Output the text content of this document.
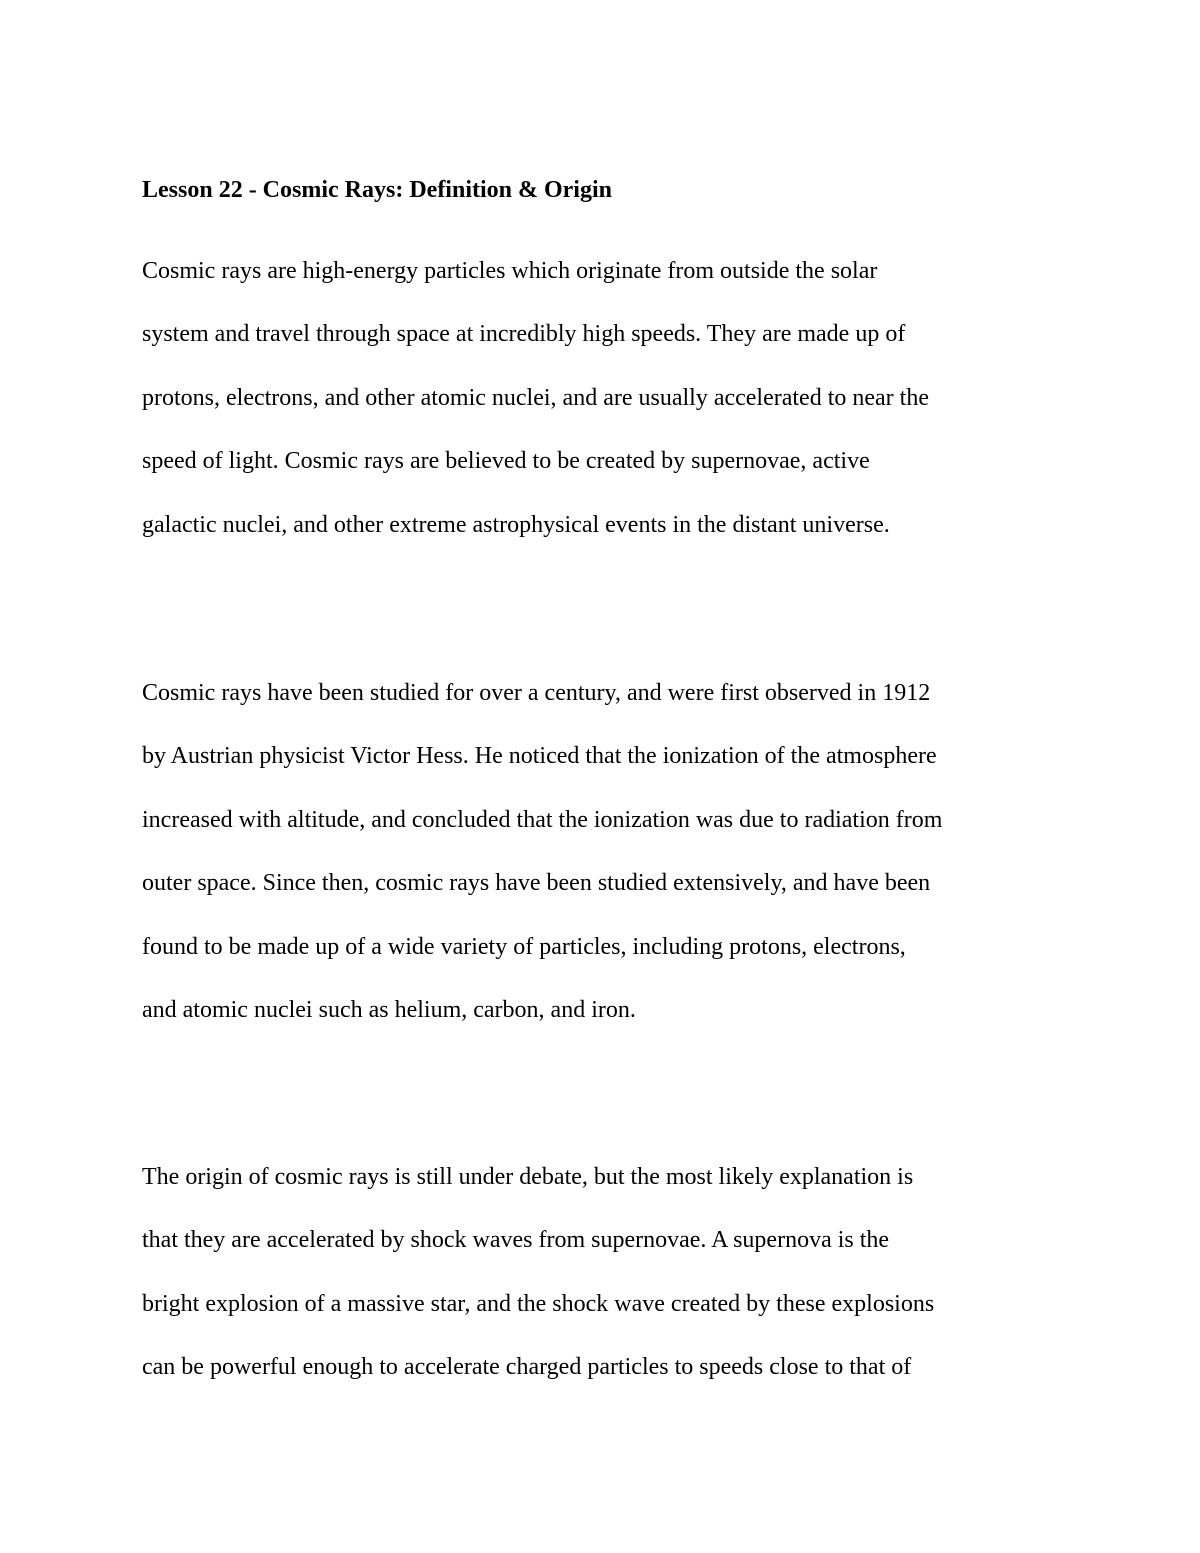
Lesson 22 - Cosmic Rays: Definition & Origin

Cosmic rays are high-energy particles which originate from outside the solar
system and travel through space at incredibly high speeds. They are made up of
protons, electrons, and other atomic nuclei, and are usually accelerated to near the
speed of light. Cosmic rays are believed to be created by supernovae, active
galactic nuclei, and other extreme astrophysical events in the distant universe.

Cosmic rays have been studied for over a century, and were first observed in 1912
by Austrian physicist Victor Hess. He noticed that the ionization of the atmosphere
increased with altitude, and concluded that the ionization was due to radiation from
outer space. Since then, cosmic rays have been studied extensively, and have been
found to be made up of a wide variety of particles, including protons, electrons,
and atomic nuclei such as helium, carbon, and iron.

The origin of cosmic rays is still under debate, but the most likely explanation is
that they are accelerated by shock waves from supernovae. A supernova is the
bright explosion of a massive star, and the shock wave created by these explosions
can be powerful enough to accelerate charged particles to speeds close to that of
